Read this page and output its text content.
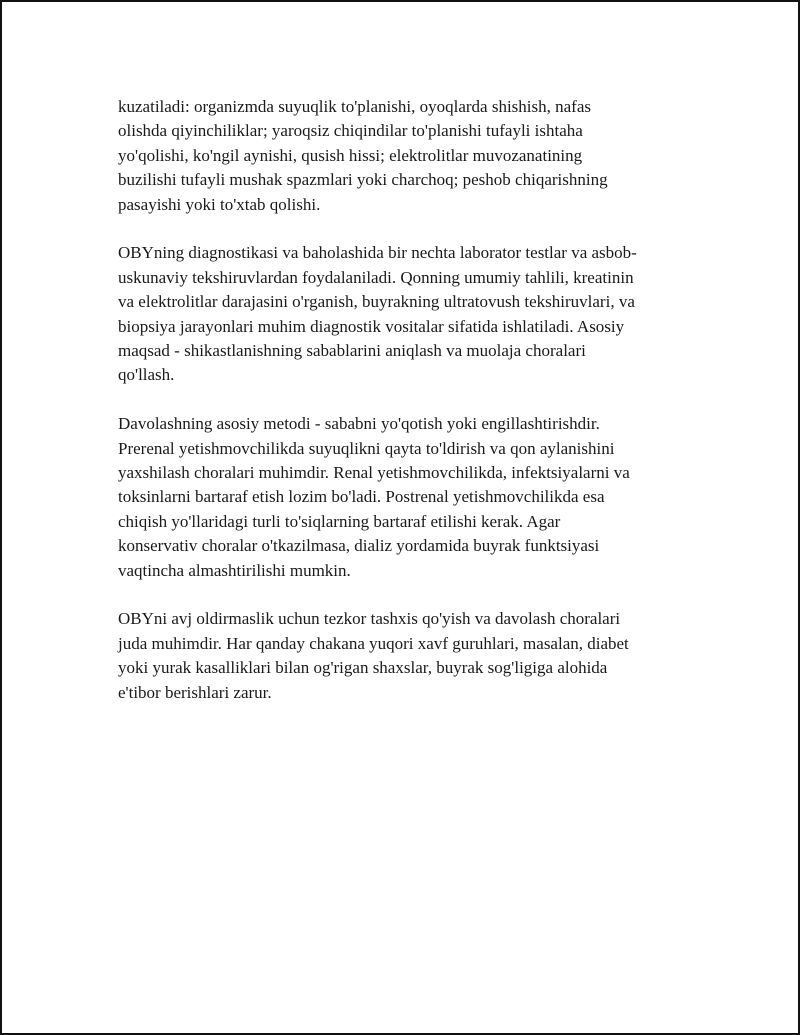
kuzatiladi: organizmda suyuqlik to'planishi, oyoqlarda shishish, nafas
olishda qiyinchiliklar; yaroqsiz chiqindilar to'planishi tufayli ishtaha
yo'qolishi, ko'ngil aynishi, qusish hissi; elektrolitlar muvozanatining
buzilishi tufayli mushak spazmlari yoki charchoq; peshob chiqarishning
pasayishi yoki to'xtab qolishi.

OBYning diagnostikasi va baholashida bir nechta laborator testlar va asbob-
uskunaviy tekshiruvlardan foydalaniladi. Qonning umumiy tahlili, kreatinin
va elektrolitlar darajasini o'rganish, buyrakning ultratovush tekshiruvlari, va
biopsiya jarayonlari muhim diagnostik vositalar sifatida ishlatiladi. Asosiy
maqsad - shikastlanishning sabablarini aniqlash va muolaja choralari
qo'llash.

Davolashning asosiy metodi - sababni yo'qotish yoki engillashtirishdir.
Prerenal yetishmovchilikda suyuqlikni qayta to'ldirish va qon aylanishini
yaxshilash choralari muhimdir. Renal yetishmovchilikda, infektsiyalarni va
toksinlarni bartaraf etish lozim bo'ladi. Postrenal yetishmovchilikda esa
chiqish yo'llaridagi turli to'siqlarning bartaraf etilishi kerak. Agar
konservativ choralar o'tkazilmasa, dializ yordamida buyrak funktsiyasi
vaqtincha almashtirilishi mumkin.

OBYni avj oldirmaslik uchun tezkor tashxis qo'yish va davolash choralari
juda muhimdir. Har qanday chakana yuqori xavf guruhlari, masalan, diabet
yoki yurak kasalliklari bilan og'rigan shaxslar, buyrak sog'ligiga alohida
e'tibor berishlari zarur.
